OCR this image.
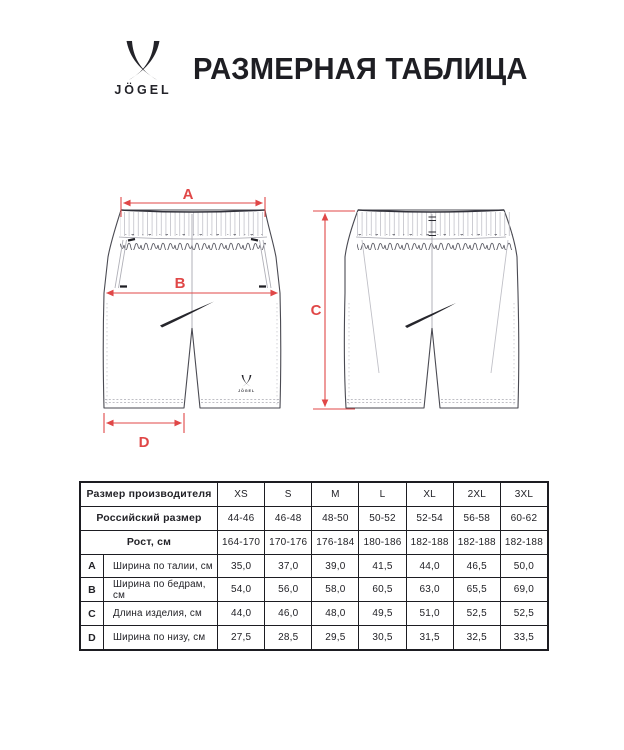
JÖGEL
РАЗМЕРНАЯ ТАБЛИЦА
JÖGEL
A
B
D
C
Размер производителя	XS	S	M	L	XL	2XL	3XL
Российский размер	44-46	46-48	48-50	50-52	52-54	56-58	60-62
Рост, см	164-170 170-176 176-184 180-186 182-188 182-188 182-188
A	Ширина по талии, см	35,0	37,0	39,0	41,5	44,0	46,5	50,0
B	Ширина по бедрам, см	54,0	56,0	58,0	60,5	63,0	65,5	69,0
C	Длина изделия, см	44,0	46,0	48,0	49,5	51,0	52,5	52,5
D	Ширина по низу, см	27,5	28,5	29,5	30,5	31,5	32,5	33,5
